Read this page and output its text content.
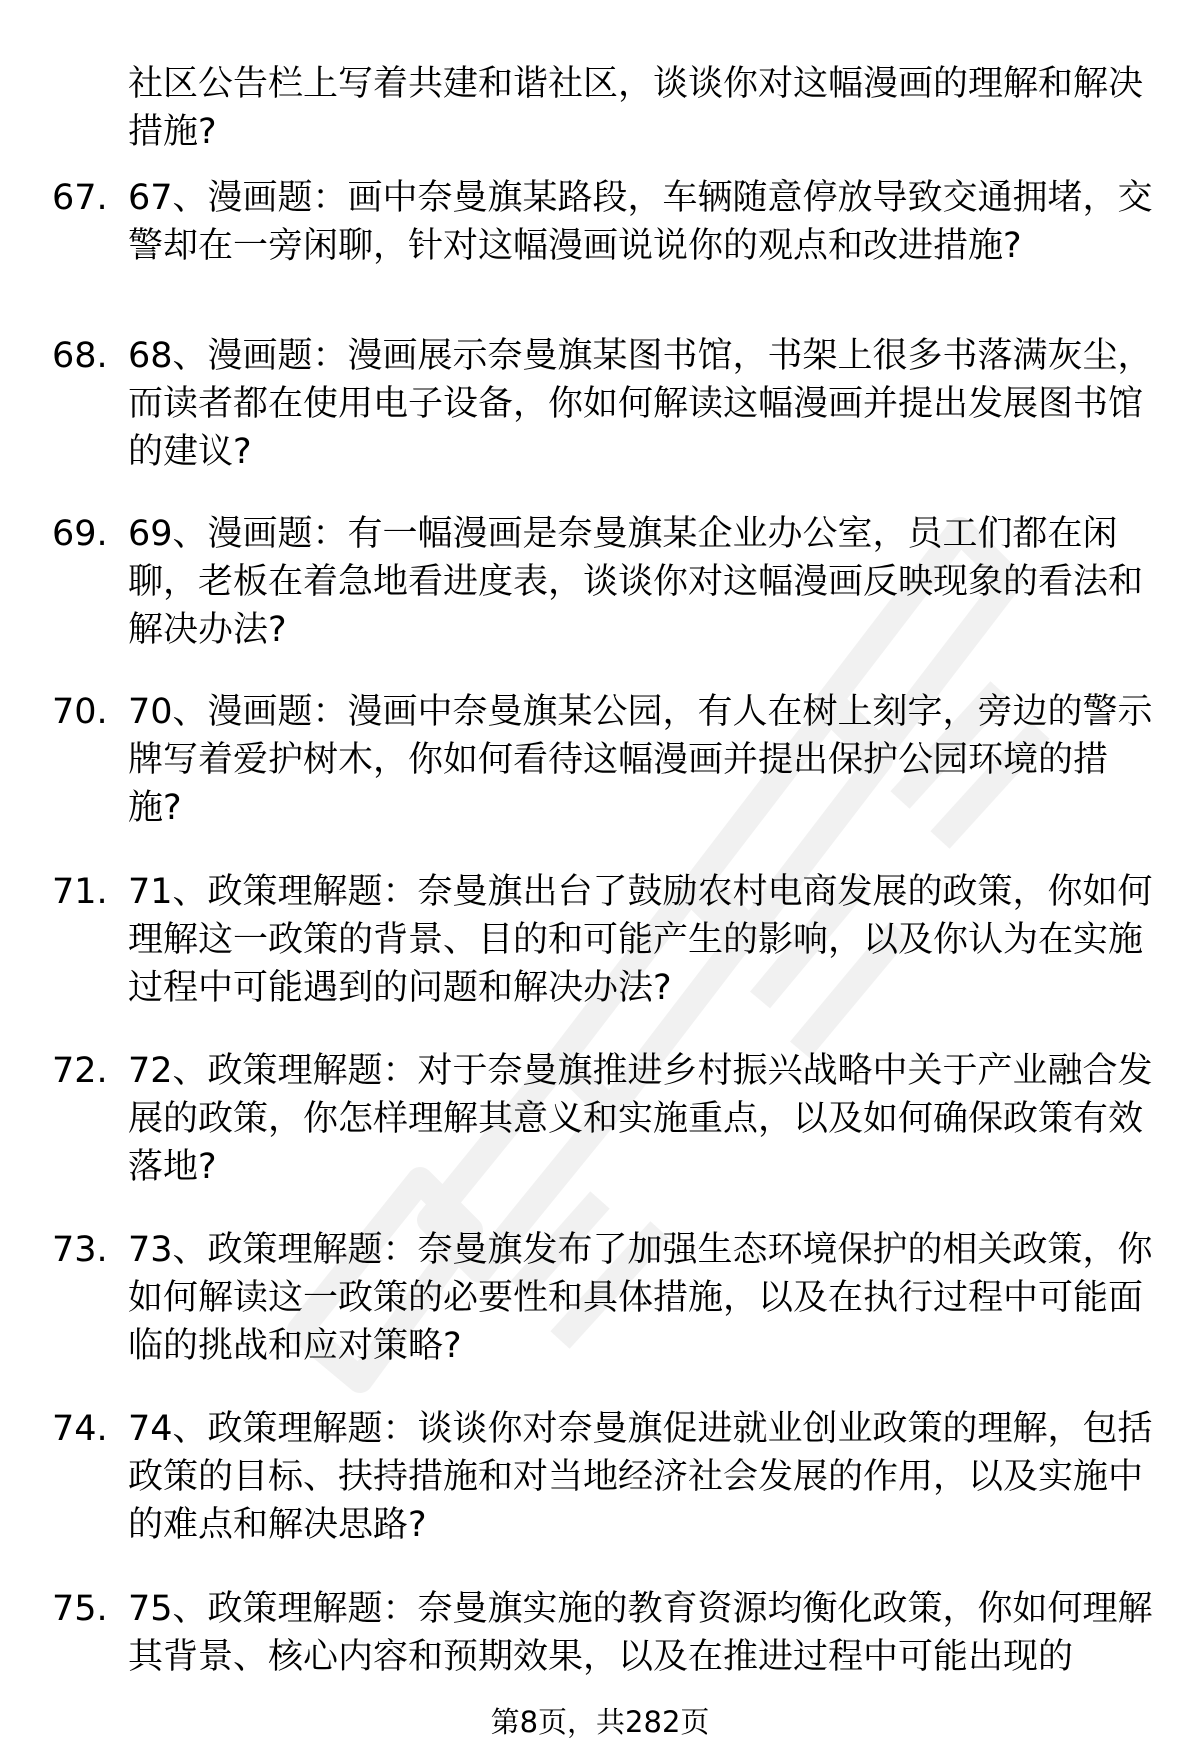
社区公告栏上写着共建和谐社区，谈谈你对这幅漫画的理解和解决措施?

67. 67、漫画题：画中奈曼旗某路段，车辆随意停放导致交通拥堵，交警却在一旁闲聊，针对这幅漫画说说你的观点和改进措施?

68. 68、漫画题：漫画展示奈曼旗某图书馆，书架上很多书落满灰尘，而读者都在使用电子设备，你如何解读这幅漫画并提出发展图书馆的建议?

69. 69、漫画题：有一幅漫画是奈曼旗某企业办公室，员工们都在闲聊，老板在着急地看进度表，谈谈你对这幅漫画反映现象的看法和解决办法?

70. 70、漫画题：漫画中奈曼旗某公园，有人在树上刻字，旁边的警示牌写着爱护树木，你如何看待这幅漫画并提出保护公园环境的措施?

71. 71、政策理解题：奈曼旗出台了鼓励农村电商发展的政策，你如何理解这一政策的背景、目的和可能产生的影响，以及你认为在实施过程中可能遇到的问题和解决办法?

72. 72、政策理解题：对于奈曼旗推进乡村振兴战略中关于产业融合发展的政策，你怎样理解其意义和实施重点，以及如何确保政策有效落地?

73. 73、政策理解题：奈曼旗发布了加强生态环境保护的相关政策，你如何解读这一政策的必要性和具体措施，以及在执行过程中可能面临的挑战和应对策略?

74. 74、政策理解题：谈谈你对奈曼旗促进就业创业政策的理解，包括政策的目标、扶持措施和对当地经济社会发展的作用，以及实施中的难点和解决思路?

75. 75、政策理解题：奈曼旗实施的教育资源均衡化政策，你如何理解其背景、核心内容和预期效果，以及在推进过程中可能出现的

第8页，共282页
